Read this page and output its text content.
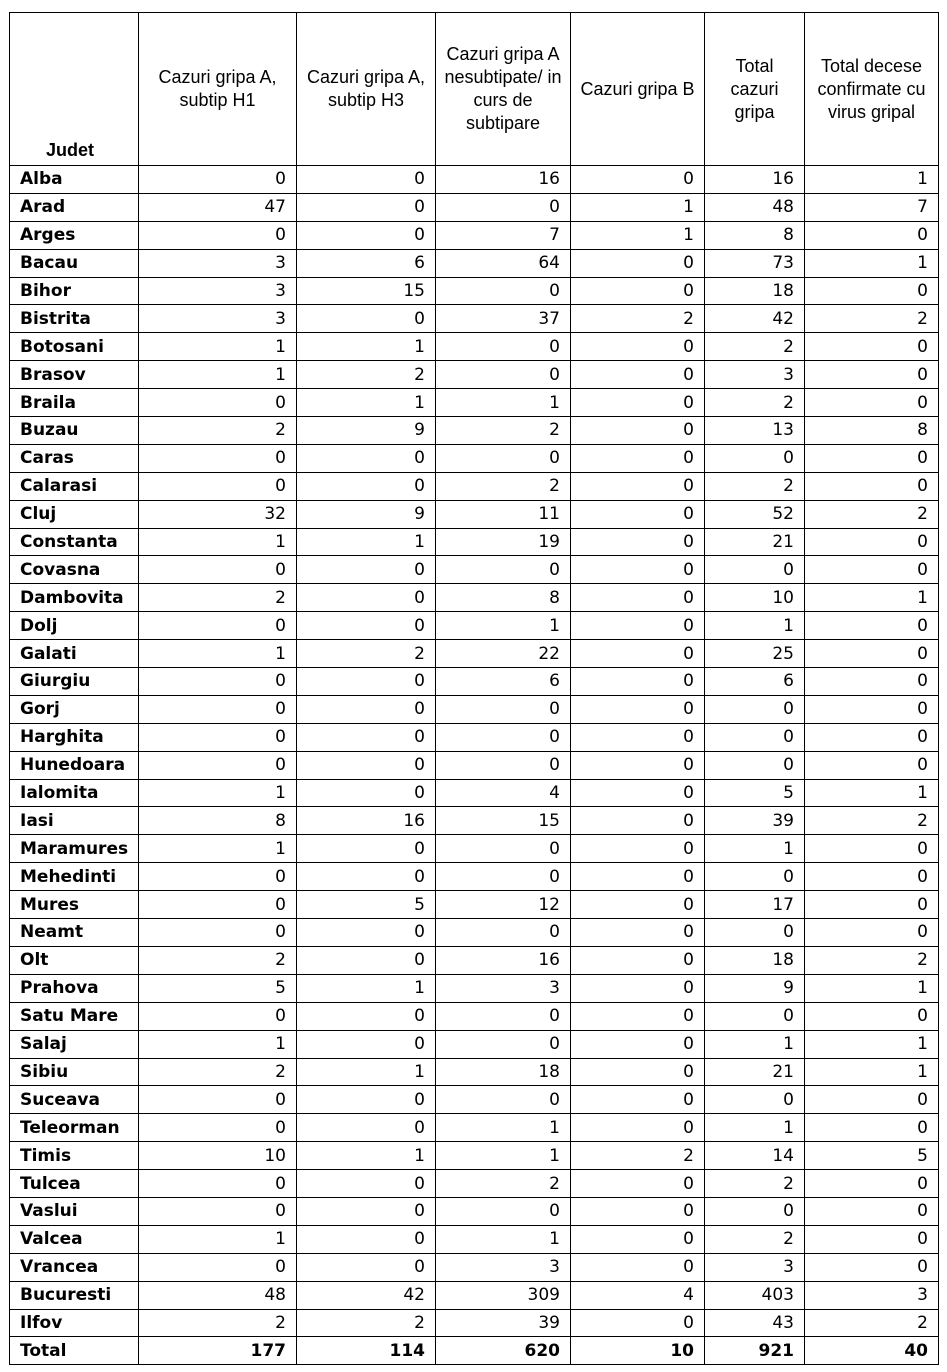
Judet	Cazuri gripa A, subtip H1	Cazuri gripa A, subtip H3	Cazuri gripa A nesubtipate/ in curs de subtipare	Cazuri gripa B	Total cazuri gripa	Total decese confirmate cu virus gripal
Alba	0	0	16	0	16	1
Arad	47	0	0	1	48	7
Arges	0	0	7	1	8	0
Bacau	3	6	64	0	73	1
Bihor	3	15	0	0	18	0
Bistrita	3	0	37	2	42	2
Botosani	1	1	0	0	2	0
Brasov	1	2	0	0	3	0
Braila	0	1	1	0	2	0
Buzau	2	9	2	0	13	8
Caras	0	0	0	0	0	0
Calarasi	0	0	2	0	2	0
Cluj	32	9	11	0	52	2
Constanta	1	1	19	0	21	0
Covasna	0	0	0	0	0	0
Dambovita	2	0	8	0	10	1
Dolj	0	0	1	0	1	0
Galati	1	2	22	0	25	0
Giurgiu	0	0	6	0	6	0
Gorj	0	0	0	0	0	0
Harghita	0	0	0	0	0	0
Hunedoara	0	0	0	0	0	0
Ialomita	1	0	4	0	5	1
Iasi	8	16	15	0	39	2
Maramures	1	0	0	0	1	0
Mehedinti	0	0	0	0	0	0
Mures	0	5	12	0	17	0
Neamt	0	0	0	0	0	0
Olt	2	0	16	0	18	2
Prahova	5	1	3	0	9	1
Satu Mare	0	0	0	0	0	0
Salaj	1	0	0	0	1	1
Sibiu	2	1	18	0	21	1
Suceava	0	0	0	0	0	0
Teleorman	0	0	1	0	1	0
Timis	10	1	1	2	14	5
Tulcea	0	0	2	0	2	0
Vaslui	0	0	0	0	0	0
Valcea	1	0	1	0	2	0
Vrancea	0	0	3	0	3	0
Bucuresti	48	42	309	4	403	3
Ilfov	2	2	39	0	43	2
Total	177	114	620	10	921	40
